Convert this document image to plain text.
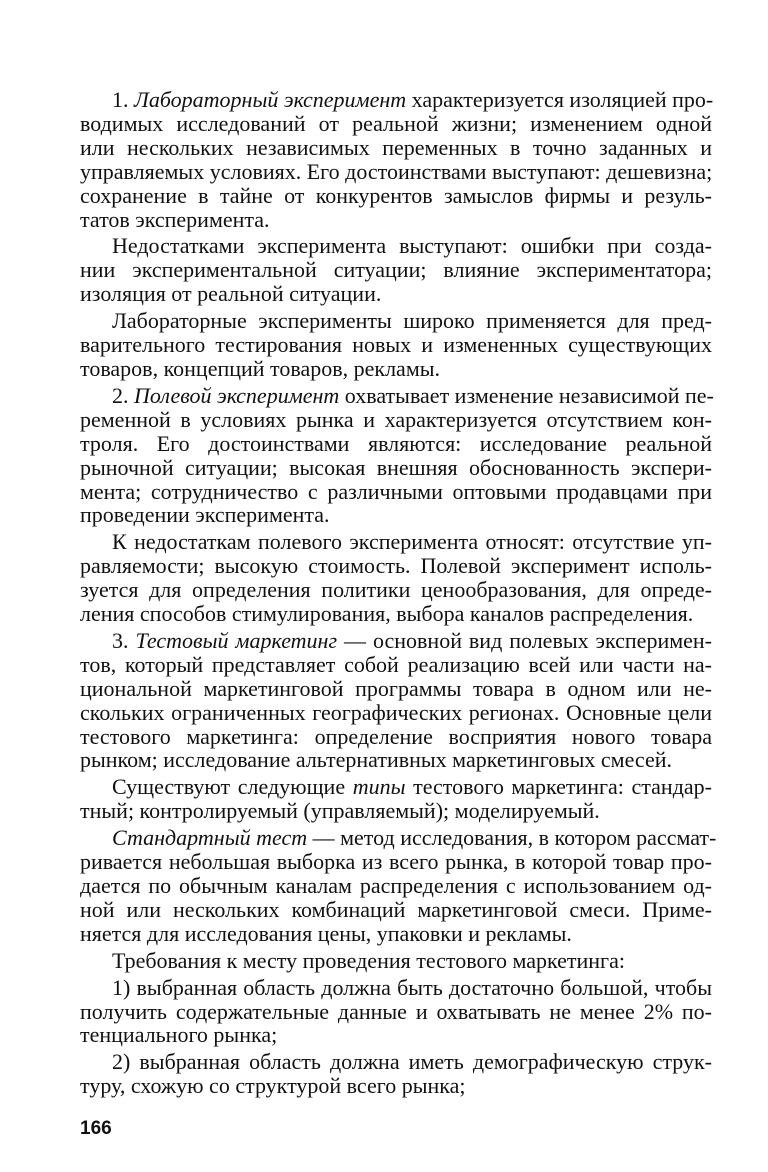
1. Лабораторный эксперимент характеризуется изоляцией про-
водимых исследований от реальной жизни; изменением одной
или нескольких независимых переменных в точно заданных и
управляемых условиях. Его достоинствами выступают: дешевизна;
сохранение в тайне от конкурентов замыслов фирмы и резуль-
татов эксперимента.
Недостатками эксперимента выступают: ошибки при созда-
нии экспериментальной ситуации; влияние экспериментатора;
изоляция от реальной ситуации.
Лабораторные эксперименты широко применяется для пред-
варительного тестирования новых и измененных существующих
товаров, концепций товаров, рекламы.
2. Полевой эксперимент охватывает изменение независимой пе-
ременной в условиях рынка и характеризуется отсутствием кон-
троля. Его достоинствами являются: исследование реальной
рыночной ситуации; высокая внешняя обоснованность экспери-
мента; сотрудничество с различными оптовыми продавцами при
проведении эксперимента.
К недостаткам полевого эксперимента относят: отсутствие уп-
равляемости; высокую стоимость. Полевой эксперимент исполь-
зуется для определения политики ценообразования, для опреде-
ления способов стимулирования, выбора каналов распределения.
3. Тестовый маркетинг — основной вид полевых эксперимен-
тов, который представляет собой реализацию всей или части на-
циональной маркетинговой программы товара в одном или не-
скольких ограниченных географических регионах. Основные цели
тестового маркетинга: определение восприятия нового товара
рынком; исследование альтернативных маркетинговых смесей.
Существуют следующие типы тестового маркетинга: стандар-
тный; контролируемый (управляемый); моделируемый.
Стандартный тест — метод исследования, в котором рассмат-
ривается небольшая выборка из всего рынка, в которой товар про-
дается по обычным каналам распределения с использованием од-
ной или нескольких комбинаций маркетинговой смеси. Приме-
няется для исследования цены, упаковки и рекламы.
Требования к месту проведения тестового маркетинга:
1) выбранная область должна быть достаточно большой, чтобы
получить содержательные данные и охватывать не менее 2% по-
тенциального рынка;
2) выбранная область должна иметь демографическую струк-
туру, схожую со структурой всего рынка;
166
